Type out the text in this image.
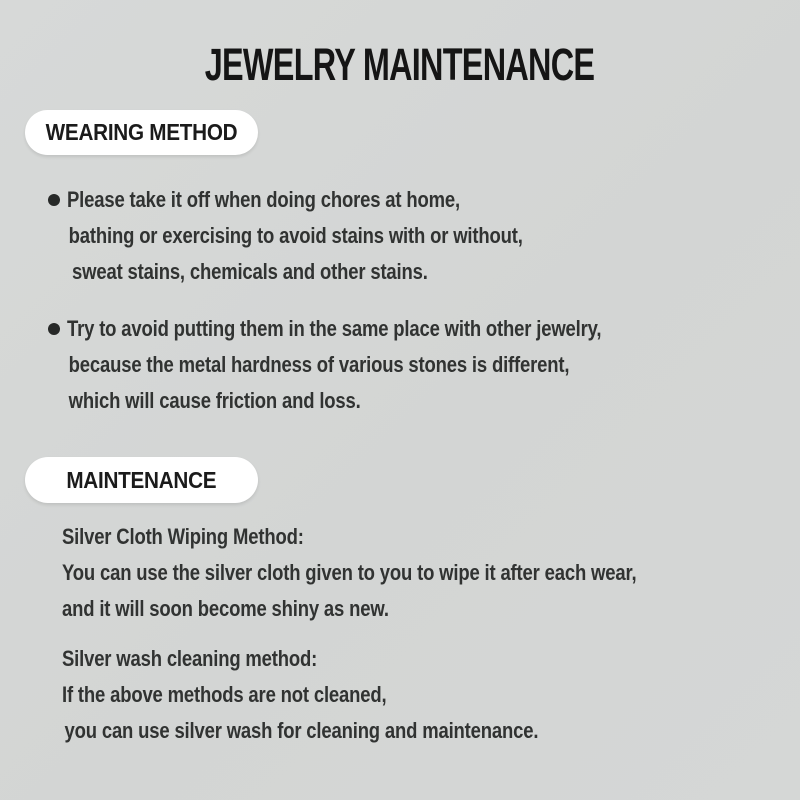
JEWELRY MAINTENANCE
WEARING METHOD
Please take it off when doing chores at home,
bathing or exercising to avoid stains with or without,
sweat stains, chemicals and other stains.
Try to avoid putting them in the same place with other jewelry,
because the metal hardness of various stones is different,
which will cause friction and loss.
MAINTENANCE
Silver Cloth Wiping Method:
You can use the silver cloth given to you to wipe it after each wear,
and it will soon become shiny as new.
Silver wash cleaning method:
If the above methods are not cleaned,
you can use silver wash for cleaning and maintenance.
